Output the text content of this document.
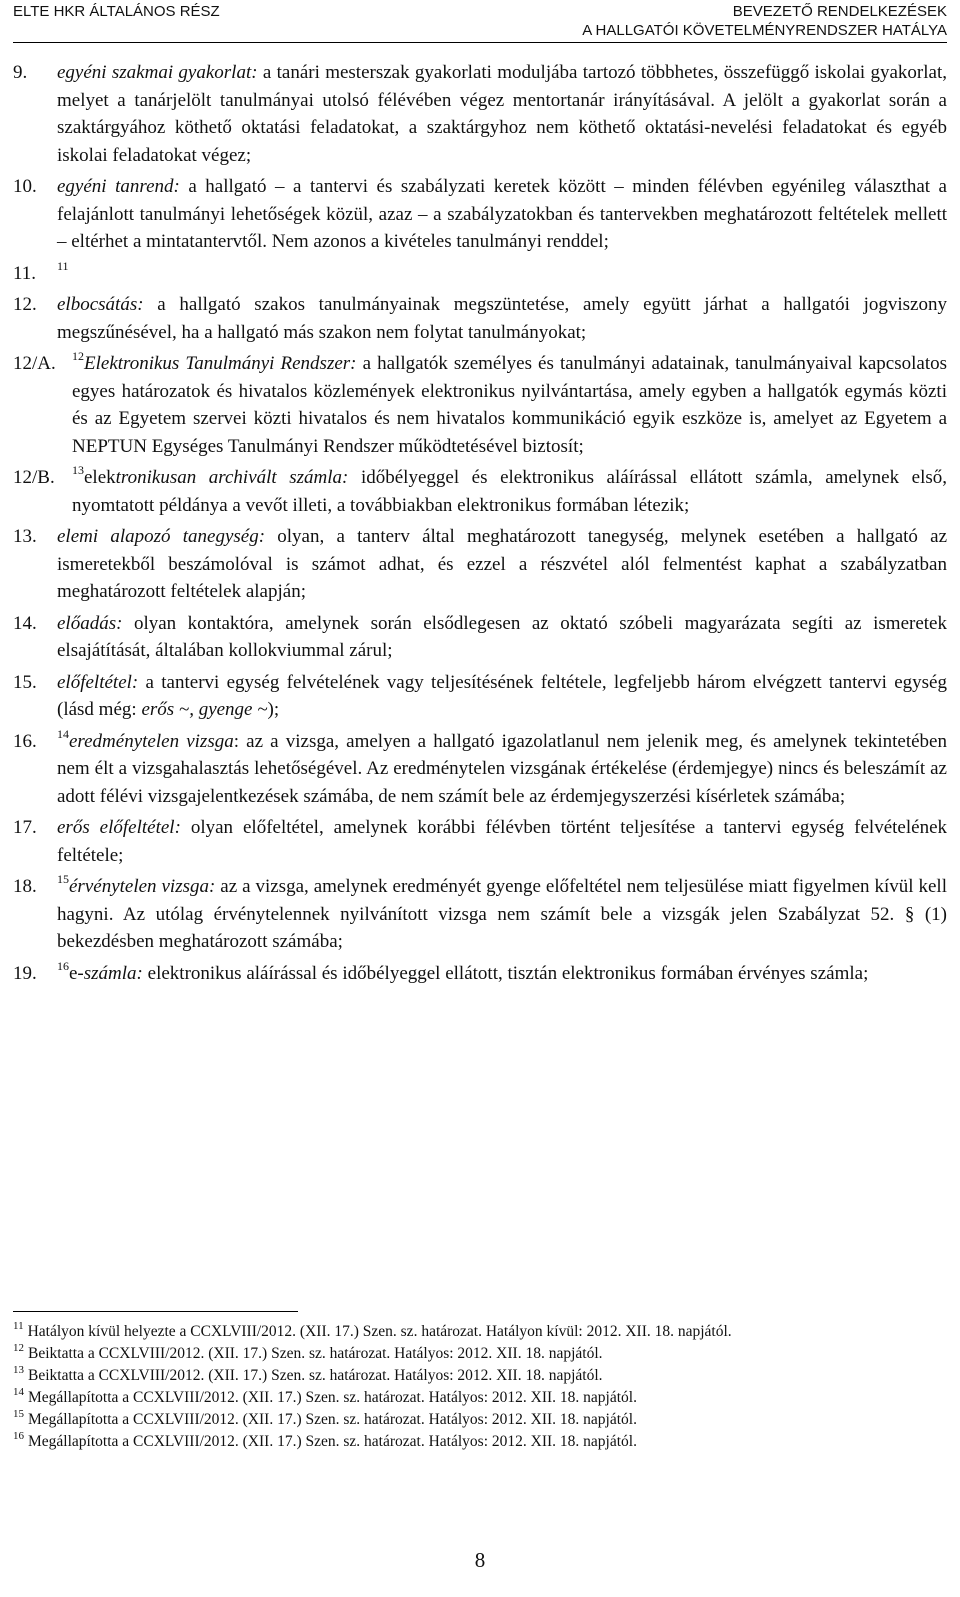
ELTE HKR ÁLTALÁNOS RÉSZ	BEVEZETŐ RENDELKEZÉSEK
A HALLGATÓI KÖVETELMÉNYRENDSZER HATÁLYA
9.	egyéni szakmai gyakorlat: a tanári mesterszak gyakorlati moduljába tartozó többhetes, összefüggő iskolai gyakorlat, melyet a tanárjelölt tanulmányai utolsó félévében végez mentortanár irányításával. A jelölt a gyakorlat során a szaktárgyához köthető oktatási feladatokat, a szaktárgyhoz nem köthető oktatási-nevelési feladatokat és egyéb iskolai feladatokat végez;
10.	egyéni tanrend: a hallgató – a tantervi és szabályzati keretek között – minden félévben egyénileg választhat a felajánlott tanulmányi lehetőségek közül, azaz – a szabályzatokban és tantervekben meghatározott feltételek mellett – eltérhet a mintatantervtől. Nem azonos a kivételes tanulmányi renddel;
11.	$^{11}$
12.	elbocsátás: a hallgató szakos tanulmányainak megszüntetése, amely együtt járhat a hallgatói jogviszony megszűnésével, ha a hallgató más szakon nem folytat tanulmányokat;
12/A.	$^{12}$Elektronikus Tanulmányi Rendszer: a hallgatók személyes és tanulmányi adatainak, tanulmányaival kapcsolatos egyes határozatok és hivatalos közlemények elektronikus nyilvántartása, amely egyben a hallgatók egymás közti és az Egyetem szervei közti hivatalos és nem hivatalos kommunikáció egyik eszköze is, amelyet az Egyetem a NEPTUN Egységes Tanulmányi Rendszer működtetésével biztosít;
12/B.	$^{13}$elektronikusan archivált számla: időbélyeggel és elektronikus aláírással ellátott számla, amelynek első, nyomtatott példánya a vevőt illeti, a továbbiakban elektronikus formában létezik;
13.	elemi alapozó tanegység: olyan, a tanterv által meghatározott tanegység, melynek esetében a hallgató az ismeretekből beszámolóval is számot adhat, és ezzel a részvétel alól felmentést kaphat a szabályzatban meghatározott feltételek alapján;
14.	előadás: olyan kontaktóra, amelynek során elsődlegesen az oktató szóbeli magyarázata segíti az ismeretek elsajátítását, általában kollokviummal zárul;
15.	előfeltétel: a tantervi egység felvételének vagy teljesítésének feltétele, legfeljebb három elvégzett tantervi egység (lásd még: erős ~, gyenge ~);
16.	$^{14}$eredménytelen vizsga: az a vizsga, amelyen a hallgató igazolatlanul nem jelenik meg, és amelynek tekintetében nem élt a vizsgahalasztás lehetőségével. Az eredménytelen vizsgának értékelése (érdemjegye) nincs és beleszámít az adott félévi vizsgajelentkezések számába, de nem számít bele az érdemjegyszerzési kísérletek számába;
17.	erős előfeltétel: olyan előfeltétel, amelynek korábbi félévben történt teljesítése a tantervi egység felvételének feltétele;
18.	$^{15}$érvénytelen vizsga: az a vizsga, amelynek eredményét gyenge előfeltétel nem teljesülése miatt figyelmen kívül kell hagyni. Az utólag érvénytelennek nyilvánított vizsga nem számít bele a vizsgák jelen Szabályzat 52. § (1) bekezdésben meghatározott számába;
19.	$^{16}$e-számla: elektronikus aláírással és időbélyeggel ellátott, tisztán elektronikus formában érvényes számla;
$^{11}$ Hatályon kívül helyezte a CCXLVIII/2012. (XII. 17.) Szen. sz. határozat. Hatályon kívül: 2012. XII. 18. napjától.
$^{12}$ Beiktatta a CCXLVIII/2012. (XII. 17.) Szen. sz. határozat. Hatályos: 2012. XII. 18. napjától.
$^{13}$ Beiktatta a CCXLVIII/2012. (XII. 17.) Szen. sz. határozat. Hatályos: 2012. XII. 18. napjától.
$^{14}$ Megállapította a CCXLVIII/2012. (XII. 17.) Szen. sz. határozat. Hatályos: 2012. XII. 18. napjától.
$^{15}$ Megállapította a CCXLVIII/2012. (XII. 17.) Szen. sz. határozat. Hatályos: 2012. XII. 18. napjától.
$^{16}$ Megállapította a CCXLVIII/2012. (XII. 17.) Szen. sz. határozat. Hatályos: 2012. XII. 18. napjától.
8
